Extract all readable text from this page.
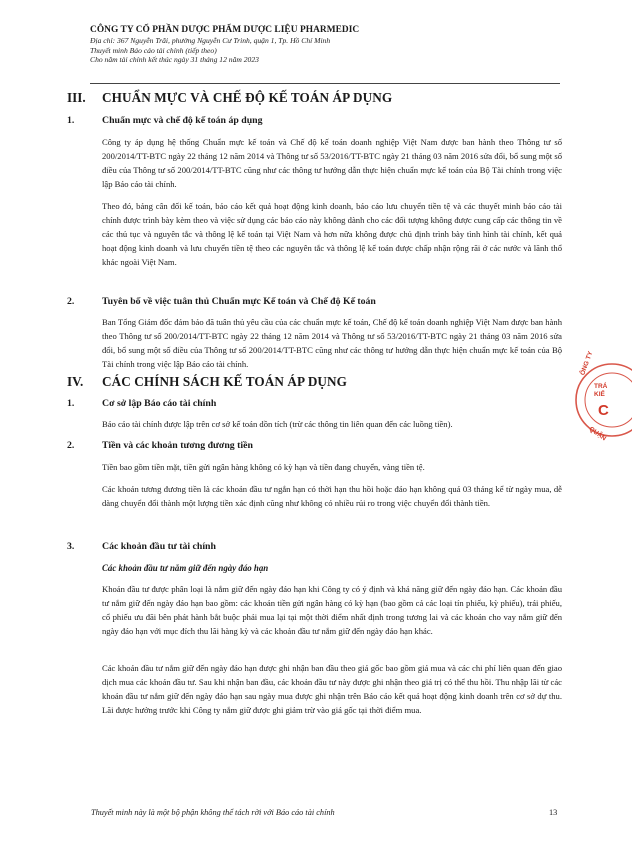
CÔNG TY CỔ PHẦN DƯỢC PHẨM DƯỢC LIỆU PHARMEDIC
Địa chỉ: 367 Nguyễn Trãi, phường Nguyễn Cư Trinh, quận 1, Tp. Hồ Chí Minh
Thuyết minh Báo cáo tài chính (tiếp theo)
Cho năm tài chính kết thúc ngày 31 tháng 12 năm 2023
III. CHUẨN MỰC VÀ CHẾ ĐỘ KẾ TOÁN ÁP DỤNG
1.	Chuẩn mực và chế độ kế toán áp dụng
Công ty áp dụng hệ thống Chuẩn mực kế toán và Chế độ kế toán doanh nghiệp Việt Nam được ban hành theo Thông tư số 200/2014/TT-BTC ngày 22 tháng 12 năm 2014 và Thông tư số 53/2016/TT-BTC ngày 21 tháng 03 năm 2016 sửa đổi, bổ sung một số điều của Thông tư số 200/2014/TT-BTC cũng như các thông tư hướng dẫn thực hiện chuẩn mực kế toán của Bộ Tài chính trong việc lập Báo cáo tài chính.
Theo đó, bảng cân đối kế toán, báo cáo kết quả hoạt động kinh doanh, báo cáo lưu chuyển tiền tệ và các thuyết minh báo cáo tài chính được trình bày kèm theo và việc sử dụng các báo cáo này không dành cho các đối tượng không được cung cấp các thông tin về các thủ tục và nguyên tắc và thông lệ kế toán tại Việt Nam và hơn nữa không được chủ định trình bày tình hình tài chính, kết quả hoạt động kinh doanh và lưu chuyển tiền tệ theo các nguyên tắc và thông lệ kế toán được chấp nhận rộng rãi ở các nước và lãnh thổ khác ngoài Việt Nam.
2.	Tuyên bố về việc tuân thủ Chuẩn mực Kế toán và Chế độ Kế toán
Ban Tổng Giám đốc đảm bảo đã tuân thủ yêu cầu của các chuẩn mực kế toán, Chế độ kế toán doanh nghiệp Việt Nam được ban hành theo Thông tư số 200/2014/TT-BTC ngày 22 tháng 12 năm 2014 và Thông tư số 53/2016/TT-BTC ngày 21 tháng 03 năm 2016 sửa đổi, bổ sung một số điều của Thông tư số 200/2014/TT-BTC cũng như các thông tư hướng dẫn thực hiện chuẩn mực kế toán của Bộ Tài chính trong việc lập Báo cáo tài chính.
IV. CÁC CHÍNH SÁCH KẾ TOÁN ÁP DỤNG
1.	Cơ sở lập Báo cáo tài chính
Báo cáo tài chính được lập trên cơ sở kế toán dồn tích (trừ các thông tin liên quan đến các luồng tiền).
2.	Tiền và các khoản tương đương tiền
Tiền bao gồm tiền mặt, tiền gửi ngân hàng không có kỳ hạn và tiền đang chuyển, vàng tiền tệ.
Các khoản tương đương tiền là các khoản đầu tư ngắn hạn có thời hạn thu hồi hoặc đáo hạn không quá 03 tháng kể từ ngày mua, dễ dàng chuyển đổi thành một lượng tiền xác định cũng như không có nhiều rủi ro trong việc chuyển đổi thành tiền.
3.	Các khoản đầu tư tài chính
Các khoản đầu tư nắm giữ đến ngày đáo hạn
Khoản đầu tư được phân loại là nắm giữ đến ngày đáo hạn khi Công ty có ý định và khả năng giữ đến ngày đáo hạn. Các khoản đầu tư nắm giữ đến ngày đáo hạn bao gồm: các khoản tiền gửi ngân hàng có kỳ hạn (bao gồm cả các loại tín phiếu, kỳ phiếu), trái phiếu, cổ phiếu ưu đãi bên phát hành bắt buộc phải mua lại tại một thời điểm nhất định trong tương lai và các khoản cho vay nắm giữ đến ngày đáo hạn với mục đích thu lãi hàng kỳ và các khoản đầu tư nắm giữ đến ngày đáo hạn khác.
Các khoản đầu tư nắm giữ đến ngày đáo hạn được ghi nhận ban đầu theo giá gốc bao gồm giá mua và các chi phí liên quan đến giao dịch mua các khoản đầu tư. Sau khi nhận ban đầu, các khoản đầu tư này được ghi nhận theo giá trị có thể thu hồi. Thu nhập lãi từ các khoản đầu tư nắm giữ đến ngày đáo hạn sau ngày mua được ghi nhận trên Báo cáo kết quả hoạt động kinh doanh trên cơ sở dự thu. Lãi được hưởng trước khi Công ty nắm giữ được ghi giảm trừ vào giá gốc tại thời điểm mua.
ÔNG TY
TRÁ
KIỂ
C
QUẬN
Thuyết minh này là một bộ phận không thể tách rời với Báo cáo tài chính	13
